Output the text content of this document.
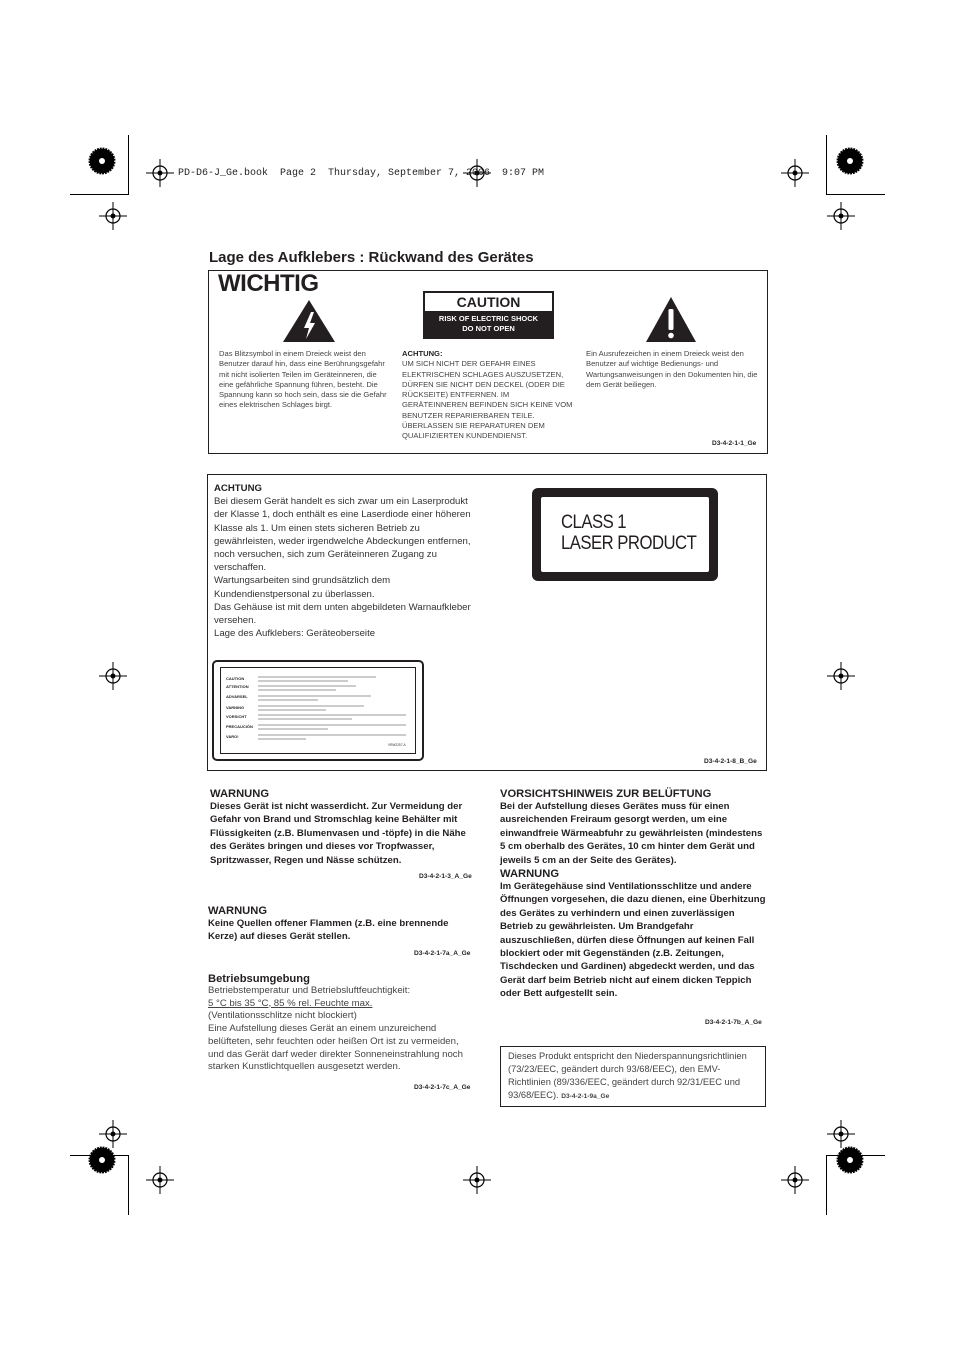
PD-D6-J_Ge.book  Page 2  Thursday, September 7, 2006  9:07 PM
Lage des Aufklebers : Rückwand des Gerätes
WICHTIG
CAUTION
RISK OF ELECTRIC SHOCK
DO NOT OPEN
Das Blitzsymbol in einem Dreieck weist den Benutzer darauf hin, dass eine Berührungsgefahr mit nicht isolierten Teilen im Geräteinneren, die eine gefährliche Spannung führen, besteht. Die Spannung kann so hoch sein, dass sie die Gefahr eines elektrischen Schlages birgt.
ACHTUNG:
UM SICH NICHT DER GEFAHR EINES ELEKTRISCHEN SCHLAGES AUSZUSETZEN, DÜRFEN SIE NICHT DEN DECKEL (ODER DIE RÜCKSEITE) ENTFERNEN. IM GERÄTEINNEREN BEFINDEN SICH KEINE VOM BENUTZER REPARIERBAREN TEILE. ÜBERLASSEN SIE REPARATUREN DEM QUALIFIZIERTEN KUNDENDIENST.
Ein Ausrufezeichen in einem Dreieck weist den Benutzer auf wichtige Bedienungs- und Wartungsanweisungen in den Dokumenten hin, die dem Gerät beiliegen.
D3-4-2-1-1_Ge
ACHTUNG
Bei diesem Gerät handelt es sich zwar um ein Laserprodukt der Klasse 1, doch enthält es eine Laserdiode einer höheren Klasse als 1. Um einen stets sicheren Betrieb zu gewährleisten, weder irgendwelche Abdeckungen entfernen, noch versuchen, sich zum Geräteinneren Zugang zu verschaffen.
Wartungsarbeiten sind grundsätzlich dem Kundendienstpersonal zu überlassen.
Das Gehäuse ist mit dem unten abgebildeten Warnaufkleber versehen.
Lage des Aufklebers: Geräteoberseite
CLASS 1
LASER PRODUCT
CAUTION
ATTENTION
ADVARSEL
VARNING
VORSICHT
PRECAUCIÓN
VARO!
VRW2257-A
D3-4-2-1-8_B_Ge
WARNUNG
Dieses Gerät ist nicht wasserdicht. Zur Vermeidung der Gefahr von Brand und Stromschlag keine Behälter mit Flüssigkeiten (z.B. Blumenvasen und -töpfe) in die Nähe des Gerätes bringen und dieses vor Tropfwasser, Spritzwasser, Regen und Nässe schützen.
D3-4-2-1-3_A_Ge
WARNUNG
Keine Quellen offener Flammen (z.B. eine brennende Kerze) auf dieses Gerät stellen.
D3-4-2-1-7a_A_Ge
Betriebsumgebung
Betriebstemperatur und Betriebsluftfeuchtigkeit:
5 °C bis 35 °C, 85 % rel. Feuchte max.
(Ventilationsschlitze nicht blockiert)
Eine Aufstellung dieses Gerät an einem unzureichend belüfteten, sehr feuchten oder heißen Ort ist zu vermeiden, und das Gerät darf weder direkter Sonneneinstrahlung noch starken Kunstlichtquellen ausgesetzt werden.
D3-4-2-1-7c_A_Ge
VORSICHTSHINWEIS ZUR BELÜFTUNG
Bei der Aufstellung dieses Gerätes muss für einen ausreichenden Freiraum gesorgt werden, um eine einwandfreie Wärmeabfuhr zu gewährleisten (mindestens 5 cm oberhalb des Gerätes, 10 cm hinter dem Gerät und jeweils 5 cm an der Seite des Gerätes).
WARNUNG
Im Gerätegehäuse sind Ventilationsschlitze und andere Öffnungen vorgesehen, die dazu dienen, eine Überhitzung des Gerätes zu verhindern und einen zuverlässigen Betrieb zu gewährleisten. Um Brandgefahr auszuschließen, dürfen diese Öffnungen auf keinen Fall blockiert oder mit Gegenständen (z.B. Zeitungen, Tischdecken und Gardinen) abgedeckt werden, und das Gerät darf beim Betrieb nicht auf einem dicken Teppich oder Bett aufgestellt sein.
D3-4-2-1-7b_A_Ge
Dieses Produkt entspricht den Niederspannungsrichtlinien (73/23/EEC, geändert durch 93/68/EEC), den EMV-Richtlinien (89/336/EEC, geändert durch 92/31/EEC und 93/68/EEC). D3-4-2-1-9a_Ge
